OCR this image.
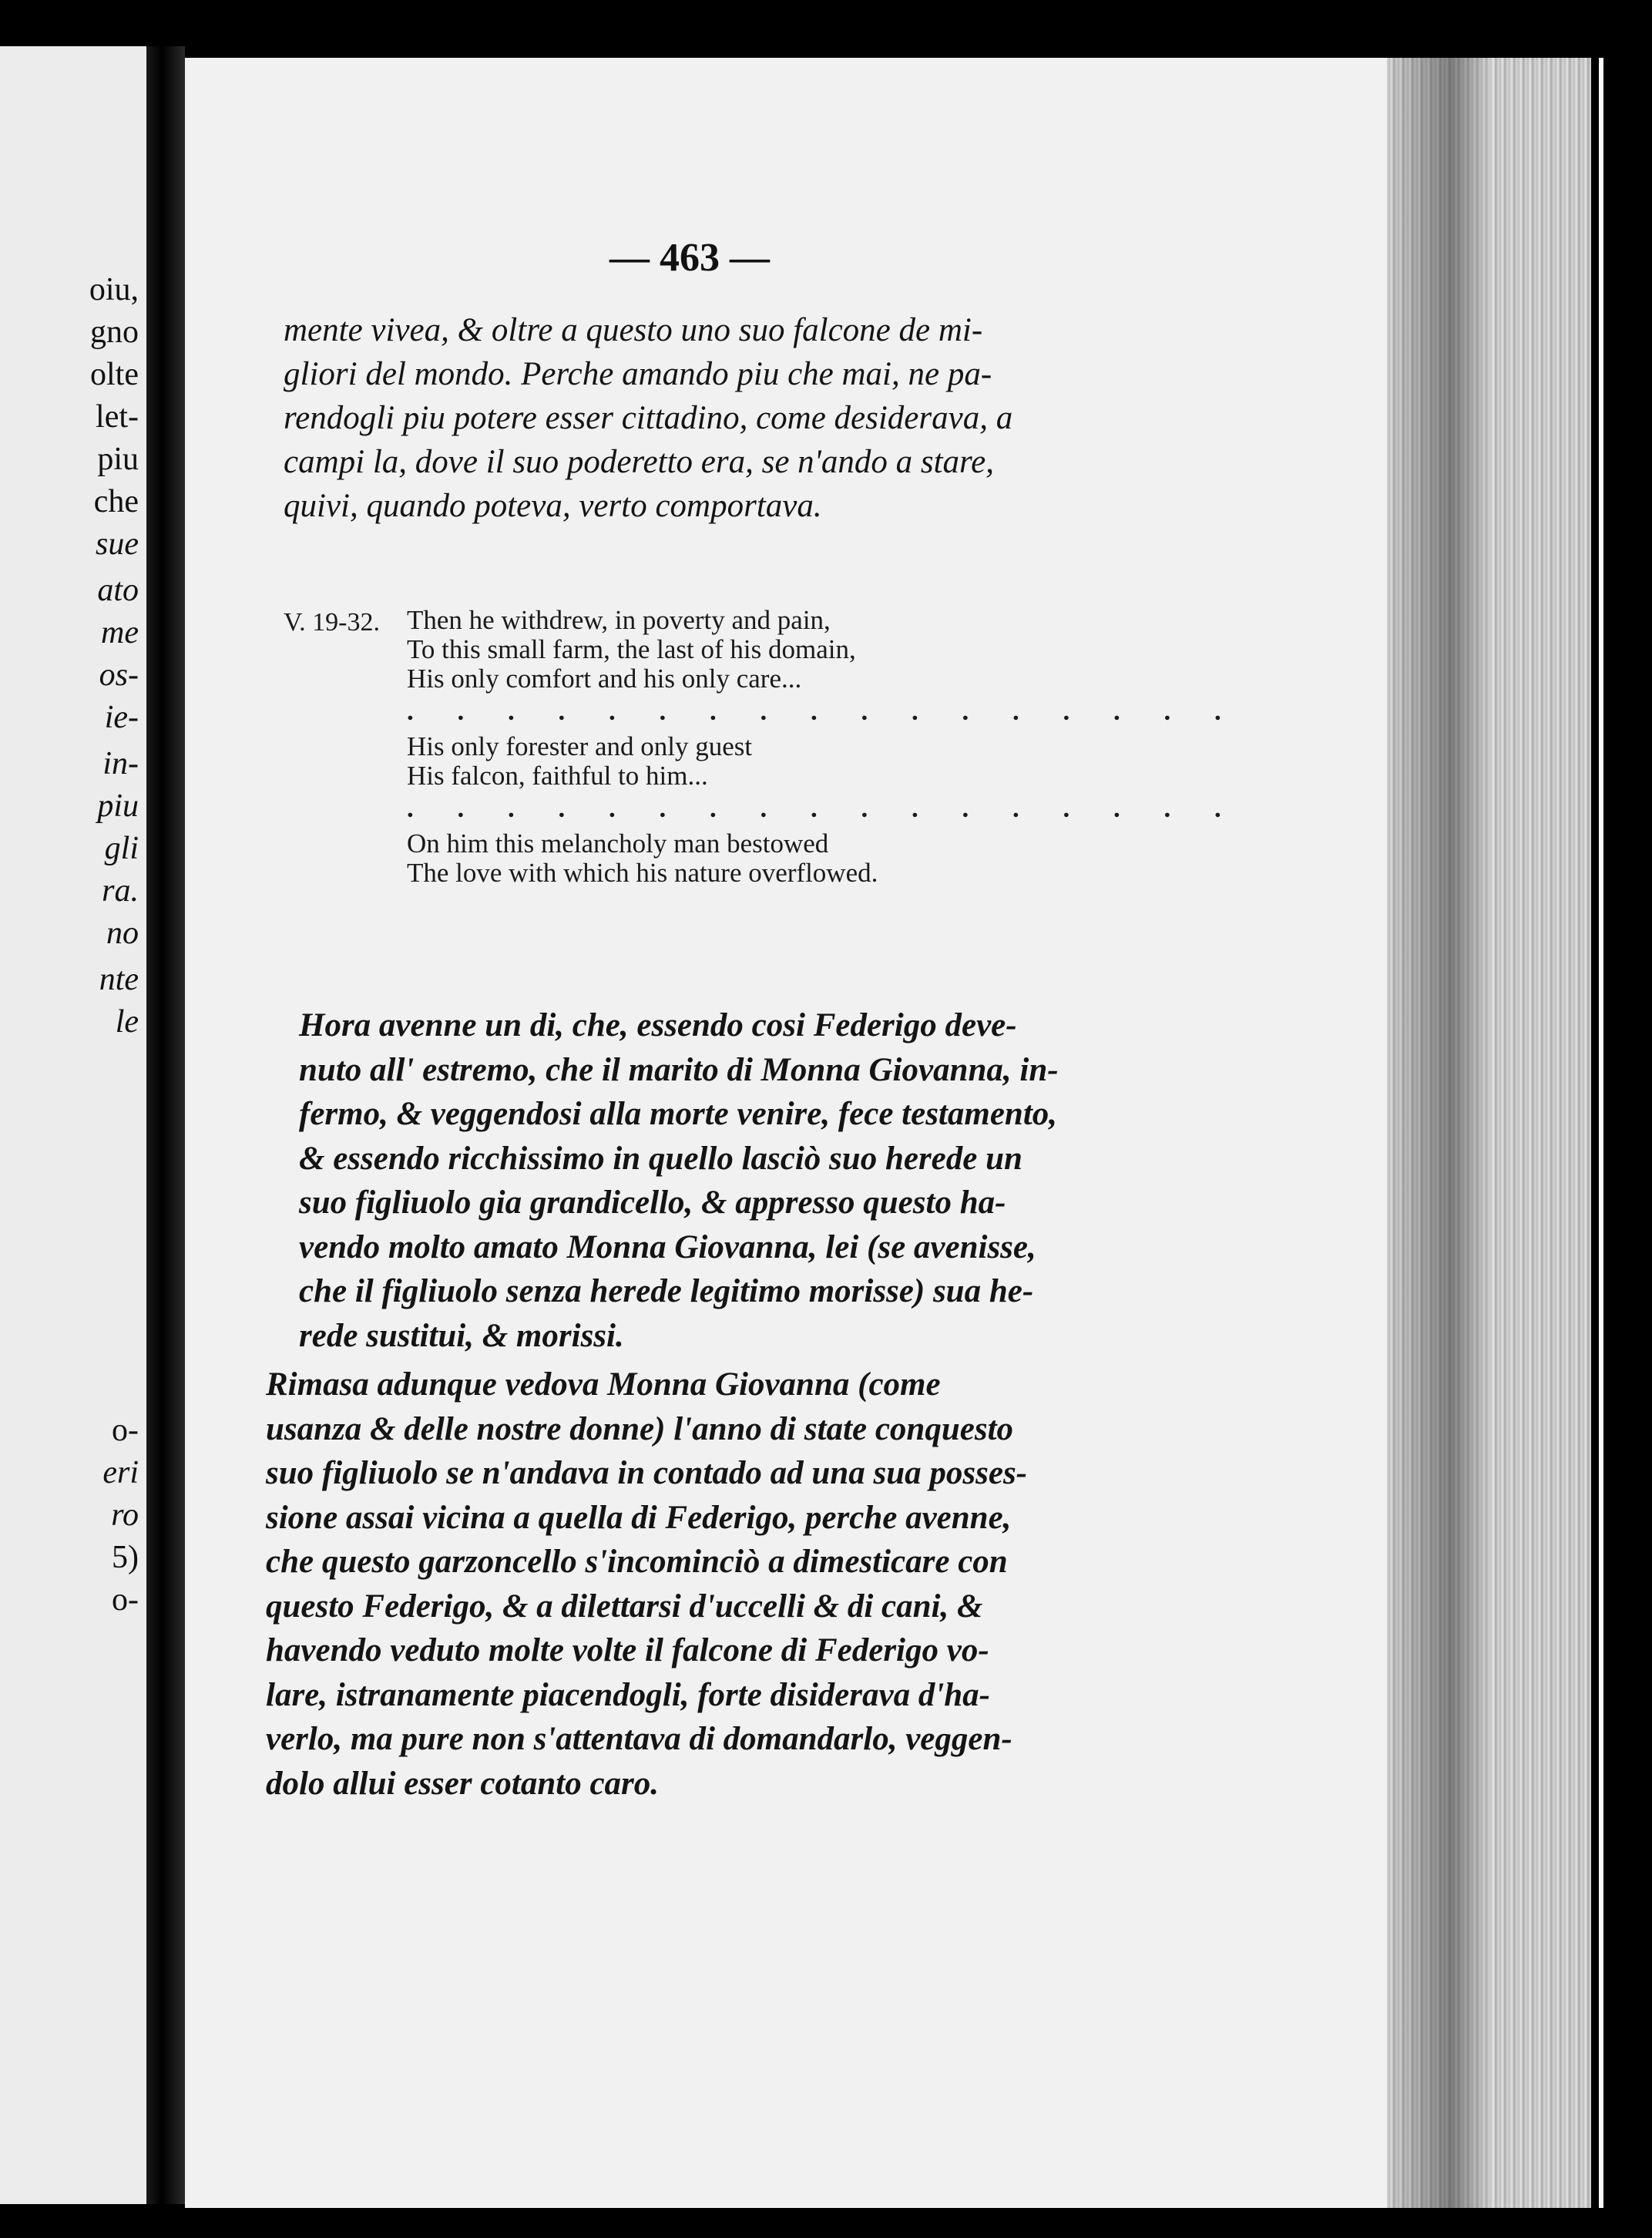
oiu,
gno
olte
let-
piu
che
sue
ato
me
os-
ie-
in-
piu
gli
ra.
no
nte
le
o-
eri
ro
5)
o-
— 463 —
mente vivea, & oltre a questo uno suo falcone de mi-
gliori del mondo. Perche amando piu che mai, ne pa-
rendogli piu potere esser cittadino, come desiderava, a
campi la, dove il suo poderetto era, se n'ando a stare,
quivi, quando poteva, verto comportava.
V. 19-32. Then he withdrew, in poverty and pain,
To this small farm, the last of his domain,
His only comfort and his only care...
. . . . . . . . . . . . . . . . .
His only forester and only guest
His falcon, faithful to him...
. . . . . . . . . . . . . . . . .
On him this melancholy man bestowed
The love with which his nature overflowed.
Hora avenne un di, che, essendo cosi Federigo deve-
nuto all' estremo, che il marito di Monna Giovanna, in-
fermo, & veggendosi alla morte venire, fece testamento,
& essendo ricchissimo in quello lasciò suo herede un
suo figliuolo gia grandicello, & appresso questo ha-
vendo molto amato Monna Giovanna, lei (se avenisse,
che il figliuolo senza herede legitimo morisse) sua he-
rede sustitui, & morissi.
Rimasa adunque vedova Monna Giovanna (come
usanza & delle nostre donne) l'anno di state conquesto
suo figliuolo se n'andava in contado ad una sua posses-
sione assai vicina a quella di Federigo, perche avenne,
che questo garzoncello s'incominciò a dimesticare con
questo Federigo, & a dilettarsi d'uccelli & di cani, &
havendo veduto molte volte il falcone di Federigo vo-
lare, istranamente piacendogli, forte disiderava d'ha-
verlo, ma pure non s'attentava di domandarlo, veggen-
dolo allui esser cotanto caro.
